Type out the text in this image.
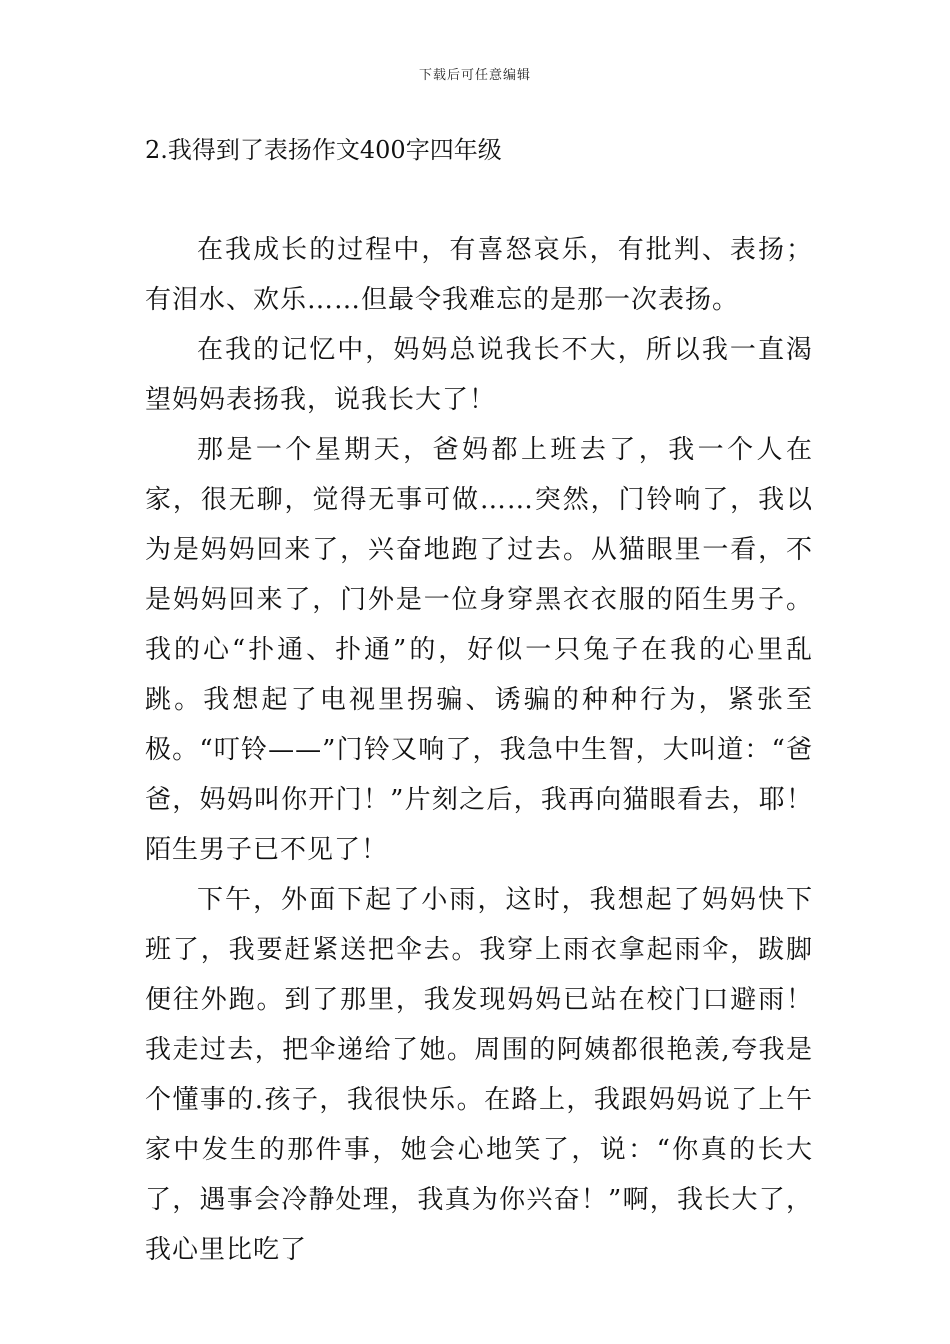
下载后可任意编辑
2.我得到了表扬作文400字四年级

在我成长的过程中，有喜怒哀乐，有批判、表扬；有泪水、欢乐……但最令我难忘的是那一次表扬。

在我的记忆中，妈妈总说我长不大，所以我一直渴望妈妈表扬我，说我长大了！

那是一个星期天，爸妈都上班去了，我一个人在家，很无聊，觉得无事可做……突然，门铃响了，我以为是妈妈回来了，兴奋地跑了过去。从猫眼里一看，不是妈妈回来了，门外是一位身穿黑衣衣服的陌生男子。我的心“扑通、扑通”的，好似一只兔子在我的心里乱跳。我想起了电视里拐骗、诱骗的种种行为，紧张至极。“叮铃——”门铃又响了，我急中生智，大叫道：“爸爸，妈妈叫你开门！”片刻之后，我再向猫眼看去，耶！陌生男子已不见了！

下午，外面下起了小雨，这时，我想起了妈妈快下班了，我要赶紧送把伞去。我穿上雨衣拿起雨伞，跋脚便往外跑。到了那里，我发现妈妈已站在校门口避雨！我走过去，把伞递给了她。周围的阿姨都很艳羡,夸我是个懂事的.孩子，我很快乐。在路上，我跟妈妈说了上午家中发生的那件事，她会心地笑了，说：“你真的长大了，遇事会冷静处理，我真为你兴奋！”啊，我长大了，我心里比吃了
